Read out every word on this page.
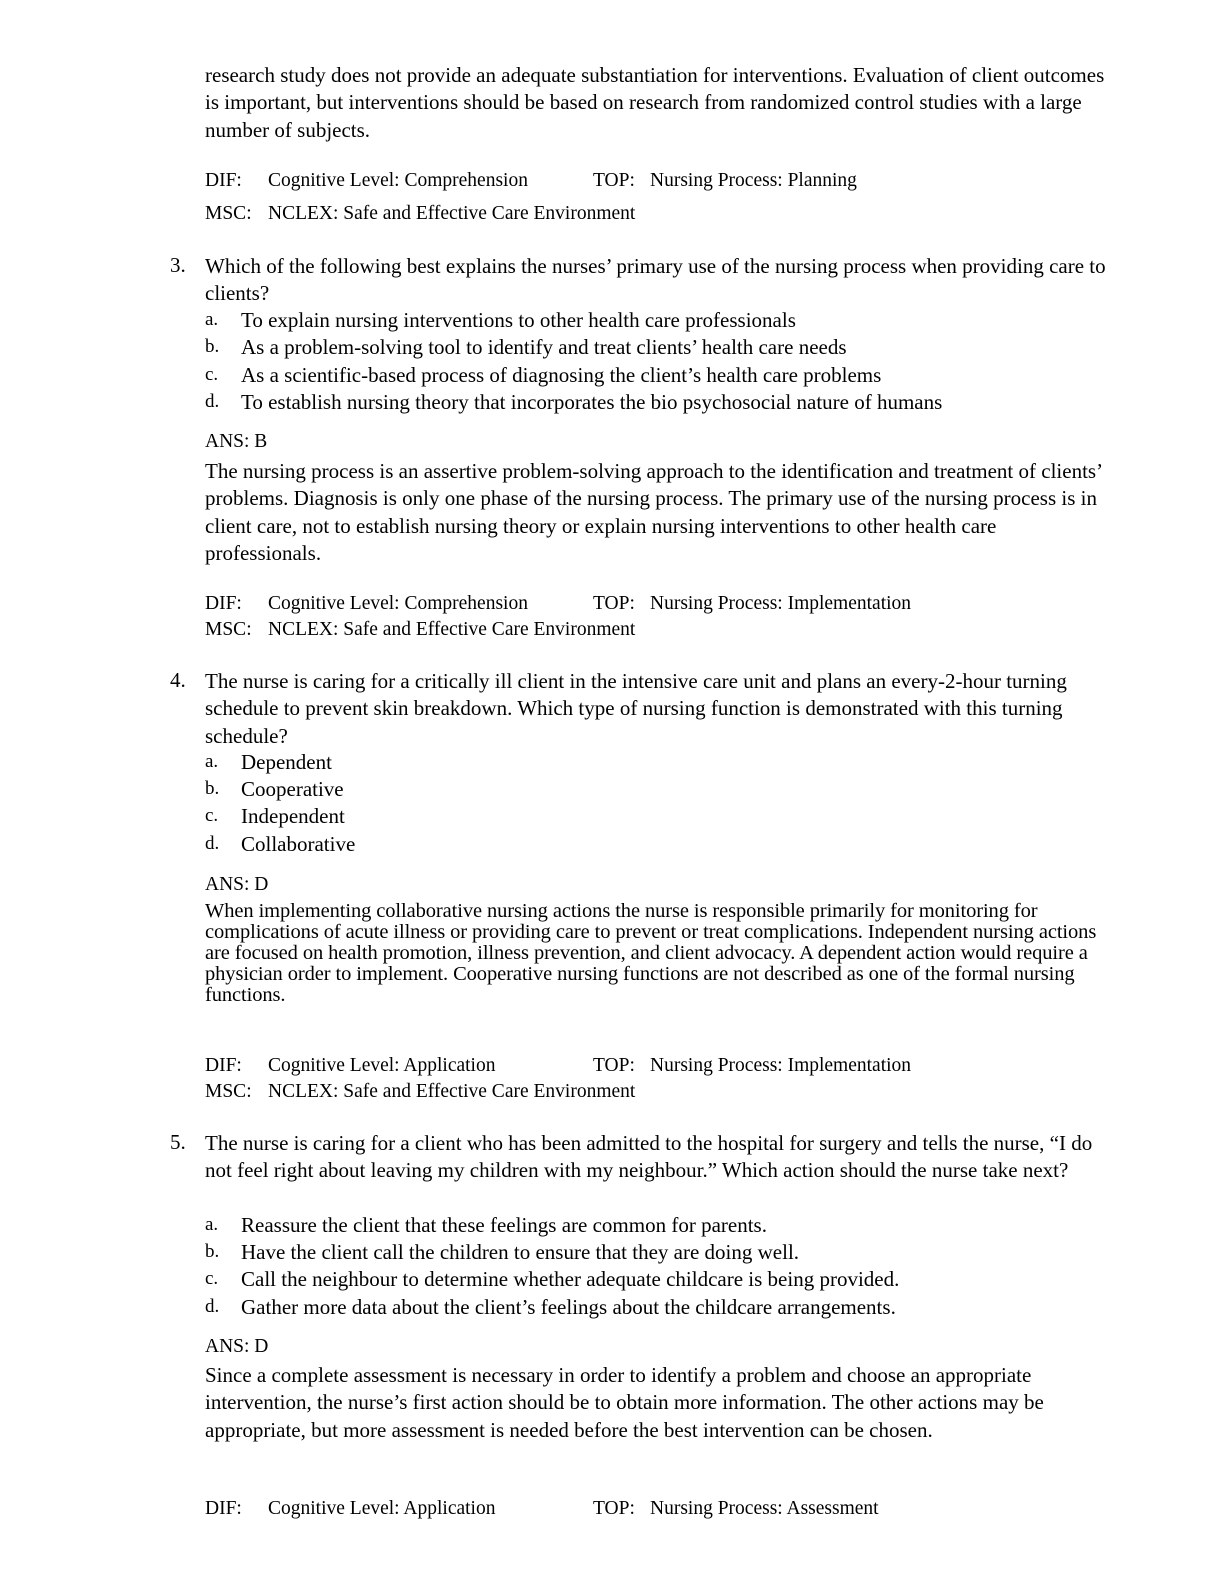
research study does not provide an adequate substantiation for interventions. Evaluation of client outcomes is important, but interventions should be based on research from randomized control studies with a large number of subjects.
DIF: Cognitive Level: Comprehension	TOP: Nursing Process: Planning
MSC: NCLEX: Safe and Effective Care Environment
3. Which of the following best explains the nurses’ primary use of the nursing process when providing care to clients?
a. To explain nursing interventions to other health care professionals
b. As a problem-solving tool to identify and treat clients’ health care needs
c. As a scientific-based process of diagnosing the client’s health care problems
d. To establish nursing theory that incorporates the bio psychosocial nature of humans
ANS: B
The nursing process is an assertive problem-solving approach to the identification and treatment of clients’ problems. Diagnosis is only one phase of the nursing process. The primary use of the nursing process is in client care, not to establish nursing theory or explain nursing interventions to other health care professionals.
DIF: Cognitive Level: Comprehension	TOP: Nursing Process: Implementation
MSC: NCLEX: Safe and Effective Care Environment
4. The nurse is caring for a critically ill client in the intensive care unit and plans an every-2-hour turning schedule to prevent skin breakdown. Which type of nursing function is demonstrated with this turning schedule?
a. Dependent
b. Cooperative
c. Independent
d. Collaborative
ANS: D
When implementing collaborative nursing actions the nurse is responsible primarily for monitoring for complications of acute illness or providing care to prevent or treat complications. Independent nursing actions are focused on health promotion, illness prevention, and client advocacy. A dependent action would require a physician order to implement. Cooperative nursing functions are not described as one of the formal nursing functions.
DIF: Cognitive Level: Application	TOP: Nursing Process: Implementation
MSC: NCLEX: Safe and Effective Care Environment
5. The nurse is caring for a client who has been admitted to the hospital for surgery and tells the nurse, “I do not feel right about leaving my children with my neighbour.” Which action should the nurse take next?
a. Reassure the client that these feelings are common for parents.
b. Have the client call the children to ensure that they are doing well.
c. Call the neighbour to determine whether adequate childcare is being provided.
d. Gather more data about the client’s feelings about the childcare arrangements.
ANS: D
Since a complete assessment is necessary in order to identify a problem and choose an appropriate intervention, the nurse’s first action should be to obtain more information. The other actions may be appropriate, but more assessment is needed before the best intervention can be chosen.
DIF: Cognitive Level: Application	TOP: Nursing Process: Assessment
